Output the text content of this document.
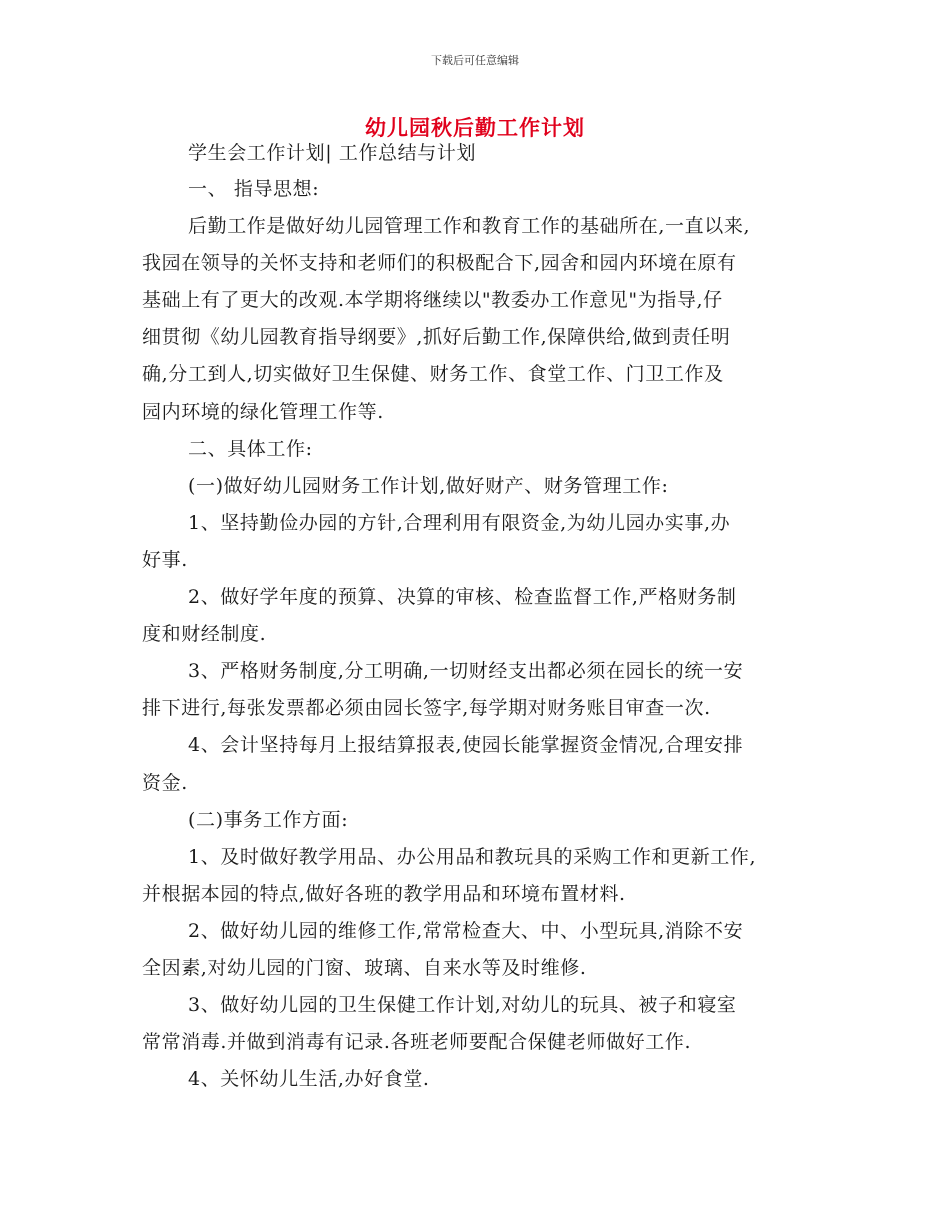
下载后可任意编辑
幼儿园秋后勤工作计划
学生会工作计划| 工作总结与计划
一、 指导思想:
后勤工作是做好幼儿园管理工作和教育工作的基础所在,一直以来,
我园在领导的关怀支持和老师们的积极配合下,园舍和园内环境在原有
基础上有了更大的改观.本学期将继续以"教委办工作意见"为指导,仔
细贯彻《幼儿园教育指导纲要》,抓好后勤工作,保障供给,做到责任明
确,分工到人,切实做好卫生保健、财务工作、食堂工作、门卫工作及
园内环境的绿化管理工作等.
二、具体工作:
(一)做好幼儿园财务工作计划,做好财产、财务管理工作:
1、坚持勤俭办园的方针,合理利用有限资金,为幼儿园办实事,办
好事.
2、做好学年度的预算、决算的审核、检查监督工作,严格财务制
度和财经制度.
3、严格财务制度,分工明确,一切财经支出都必须在园长的统一安
排下进行,每张发票都必须由园长签字,每学期对财务账目审查一次.
4、会计坚持每月上报结算报表,使园长能掌握资金情况,合理安排
资金.
(二)事务工作方面:
1、及时做好教学用品、办公用品和教玩具的采购工作和更新工作,
并根据本园的特点,做好各班的教学用品和环境布置材料.
2、做好幼儿园的维修工作,常常检查大、中、小型玩具,消除不安
全因素,对幼儿园的门窗、玻璃、自来水等及时维修.
3、做好幼儿园的卫生保健工作计划,对幼儿的玩具、被子和寝室
常常消毒.并做到消毒有记录.各班老师要配合保健老师做好工作.
4、关怀幼儿生活,办好食堂.
